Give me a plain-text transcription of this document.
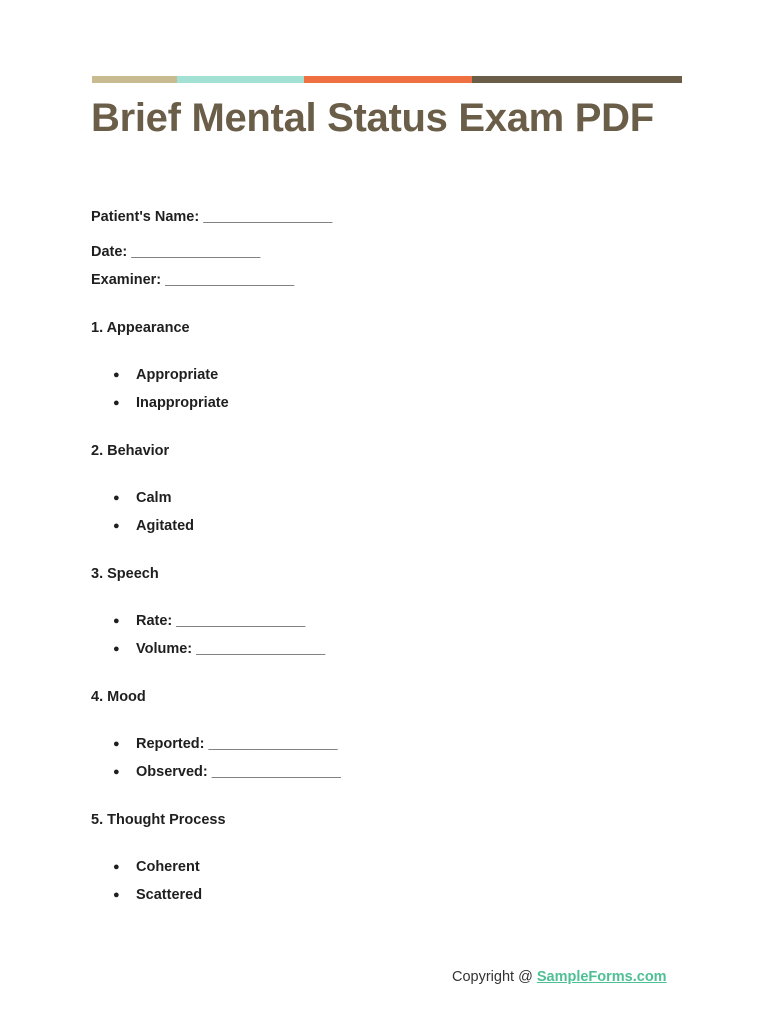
Brief Mental Status Exam PDF

Patient's Name: ________________

Date: ________________

Examiner: ________________

1. Appearance

●	Appropriate
●	Inappropriate

2. Behavior

●	Calm
●	Agitated

3. Speech

●	Rate: ________________
●	Volume: ________________

4. Mood

●	Reported: ________________
●	Observed: ________________

5. Thought Process

●	Coherent
●	Scattered
Copyright @ SampleForms.com
